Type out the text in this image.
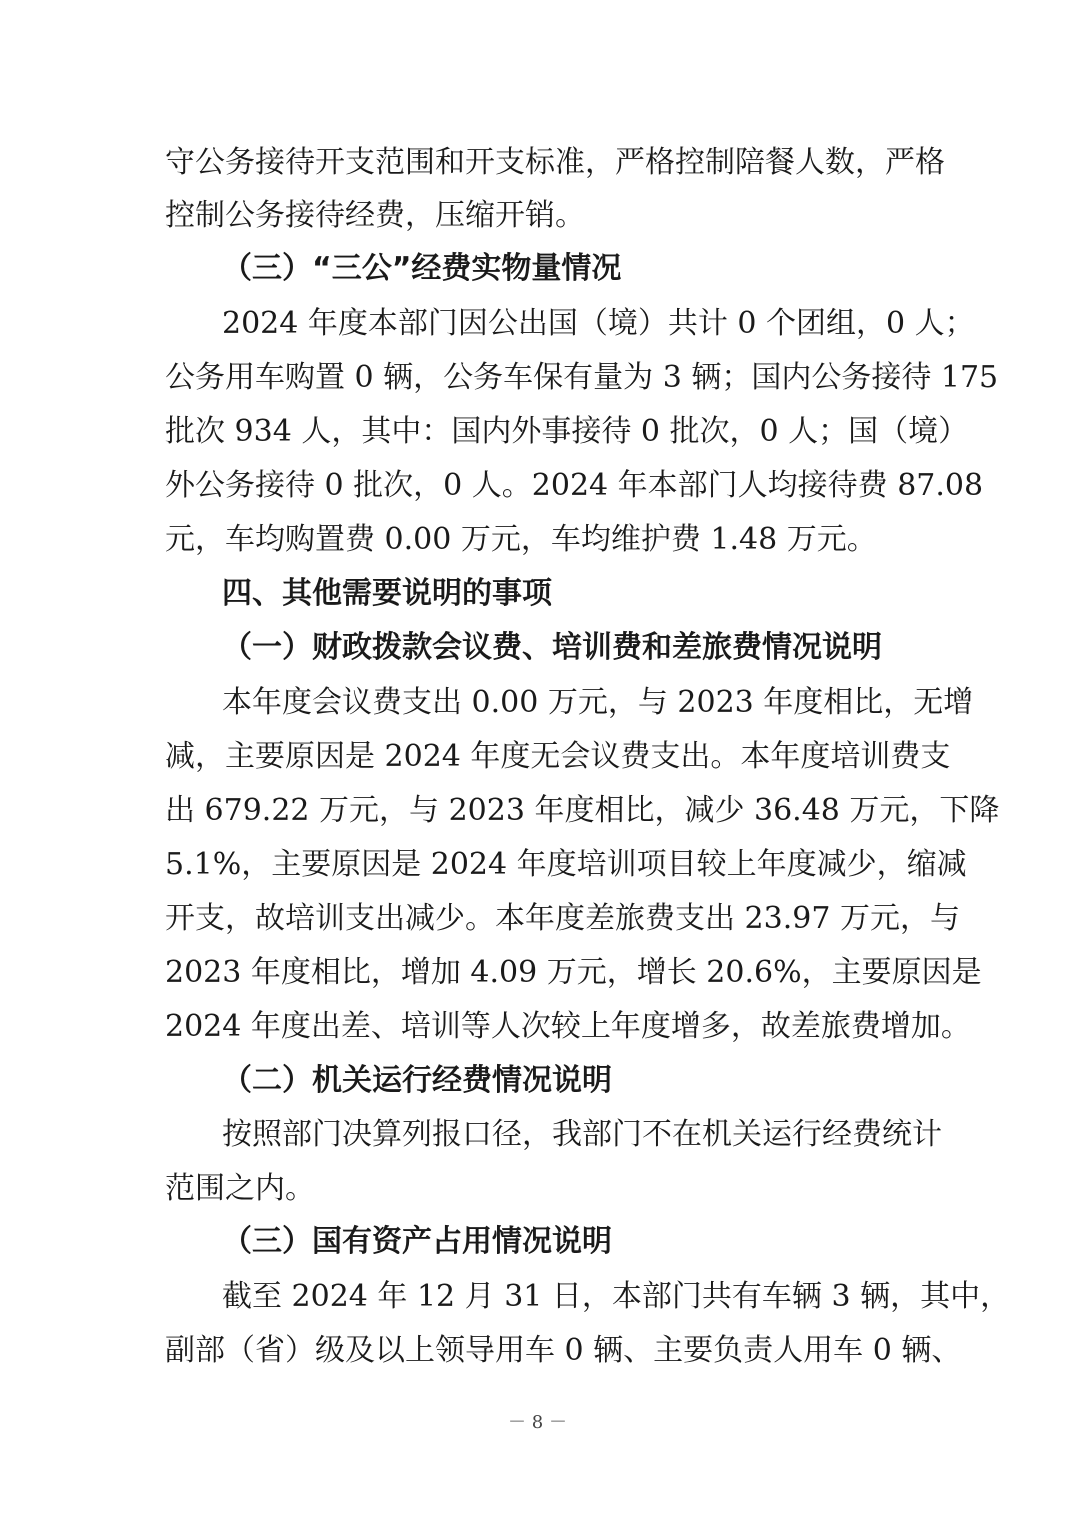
守公务接待开支范围和开支标准，严格控制陪餐人数，严格
控制公务接待经费，压缩开销。
（三）“三公”经费实物量情况
2024 年度本部门因公出国（境）共计 0 个团组，0 人；
公务用车购置 0 辆，公务车保有量为 3 辆；国内公务接待 175
批次 934 人，其中：国内外事接待 0 批次，0 人；国（境）
外公务接待 0 批次，0 人。2024 年本部门人均接待费 87.08
元，车均购置费 0.00 万元，车均维护费 1.48 万元。
四、其他需要说明的事项
（一）财政拨款会议费、培训费和差旅费情况说明
本年度会议费支出 0.00 万元，与 2023 年度相比，无增
减，主要原因是 2024 年度无会议费支出。本年度培训费支
出 679.22 万元，与 2023 年度相比，减少 36.48 万元，下降
5.1%，主要原因是 2024 年度培训项目较上年度减少，缩减
开支，故培训支出减少。本年度差旅费支出 23.97 万元，与
2023 年度相比，增加 4.09 万元，增长 20.6%，主要原因是
2024 年度出差、培训等人次较上年度增多，故差旅费增加。
（二）机关运行经费情况说明
按照部门决算列报口径，我部门不在机关运行经费统计
范围之内。
（三）国有资产占用情况说明
截至 2024 年 12 月 31 日，本部门共有车辆 3 辆，其中，
副部（省）级及以上领导用车 0 辆、主要负责人用车 0 辆、
－ 8 －
